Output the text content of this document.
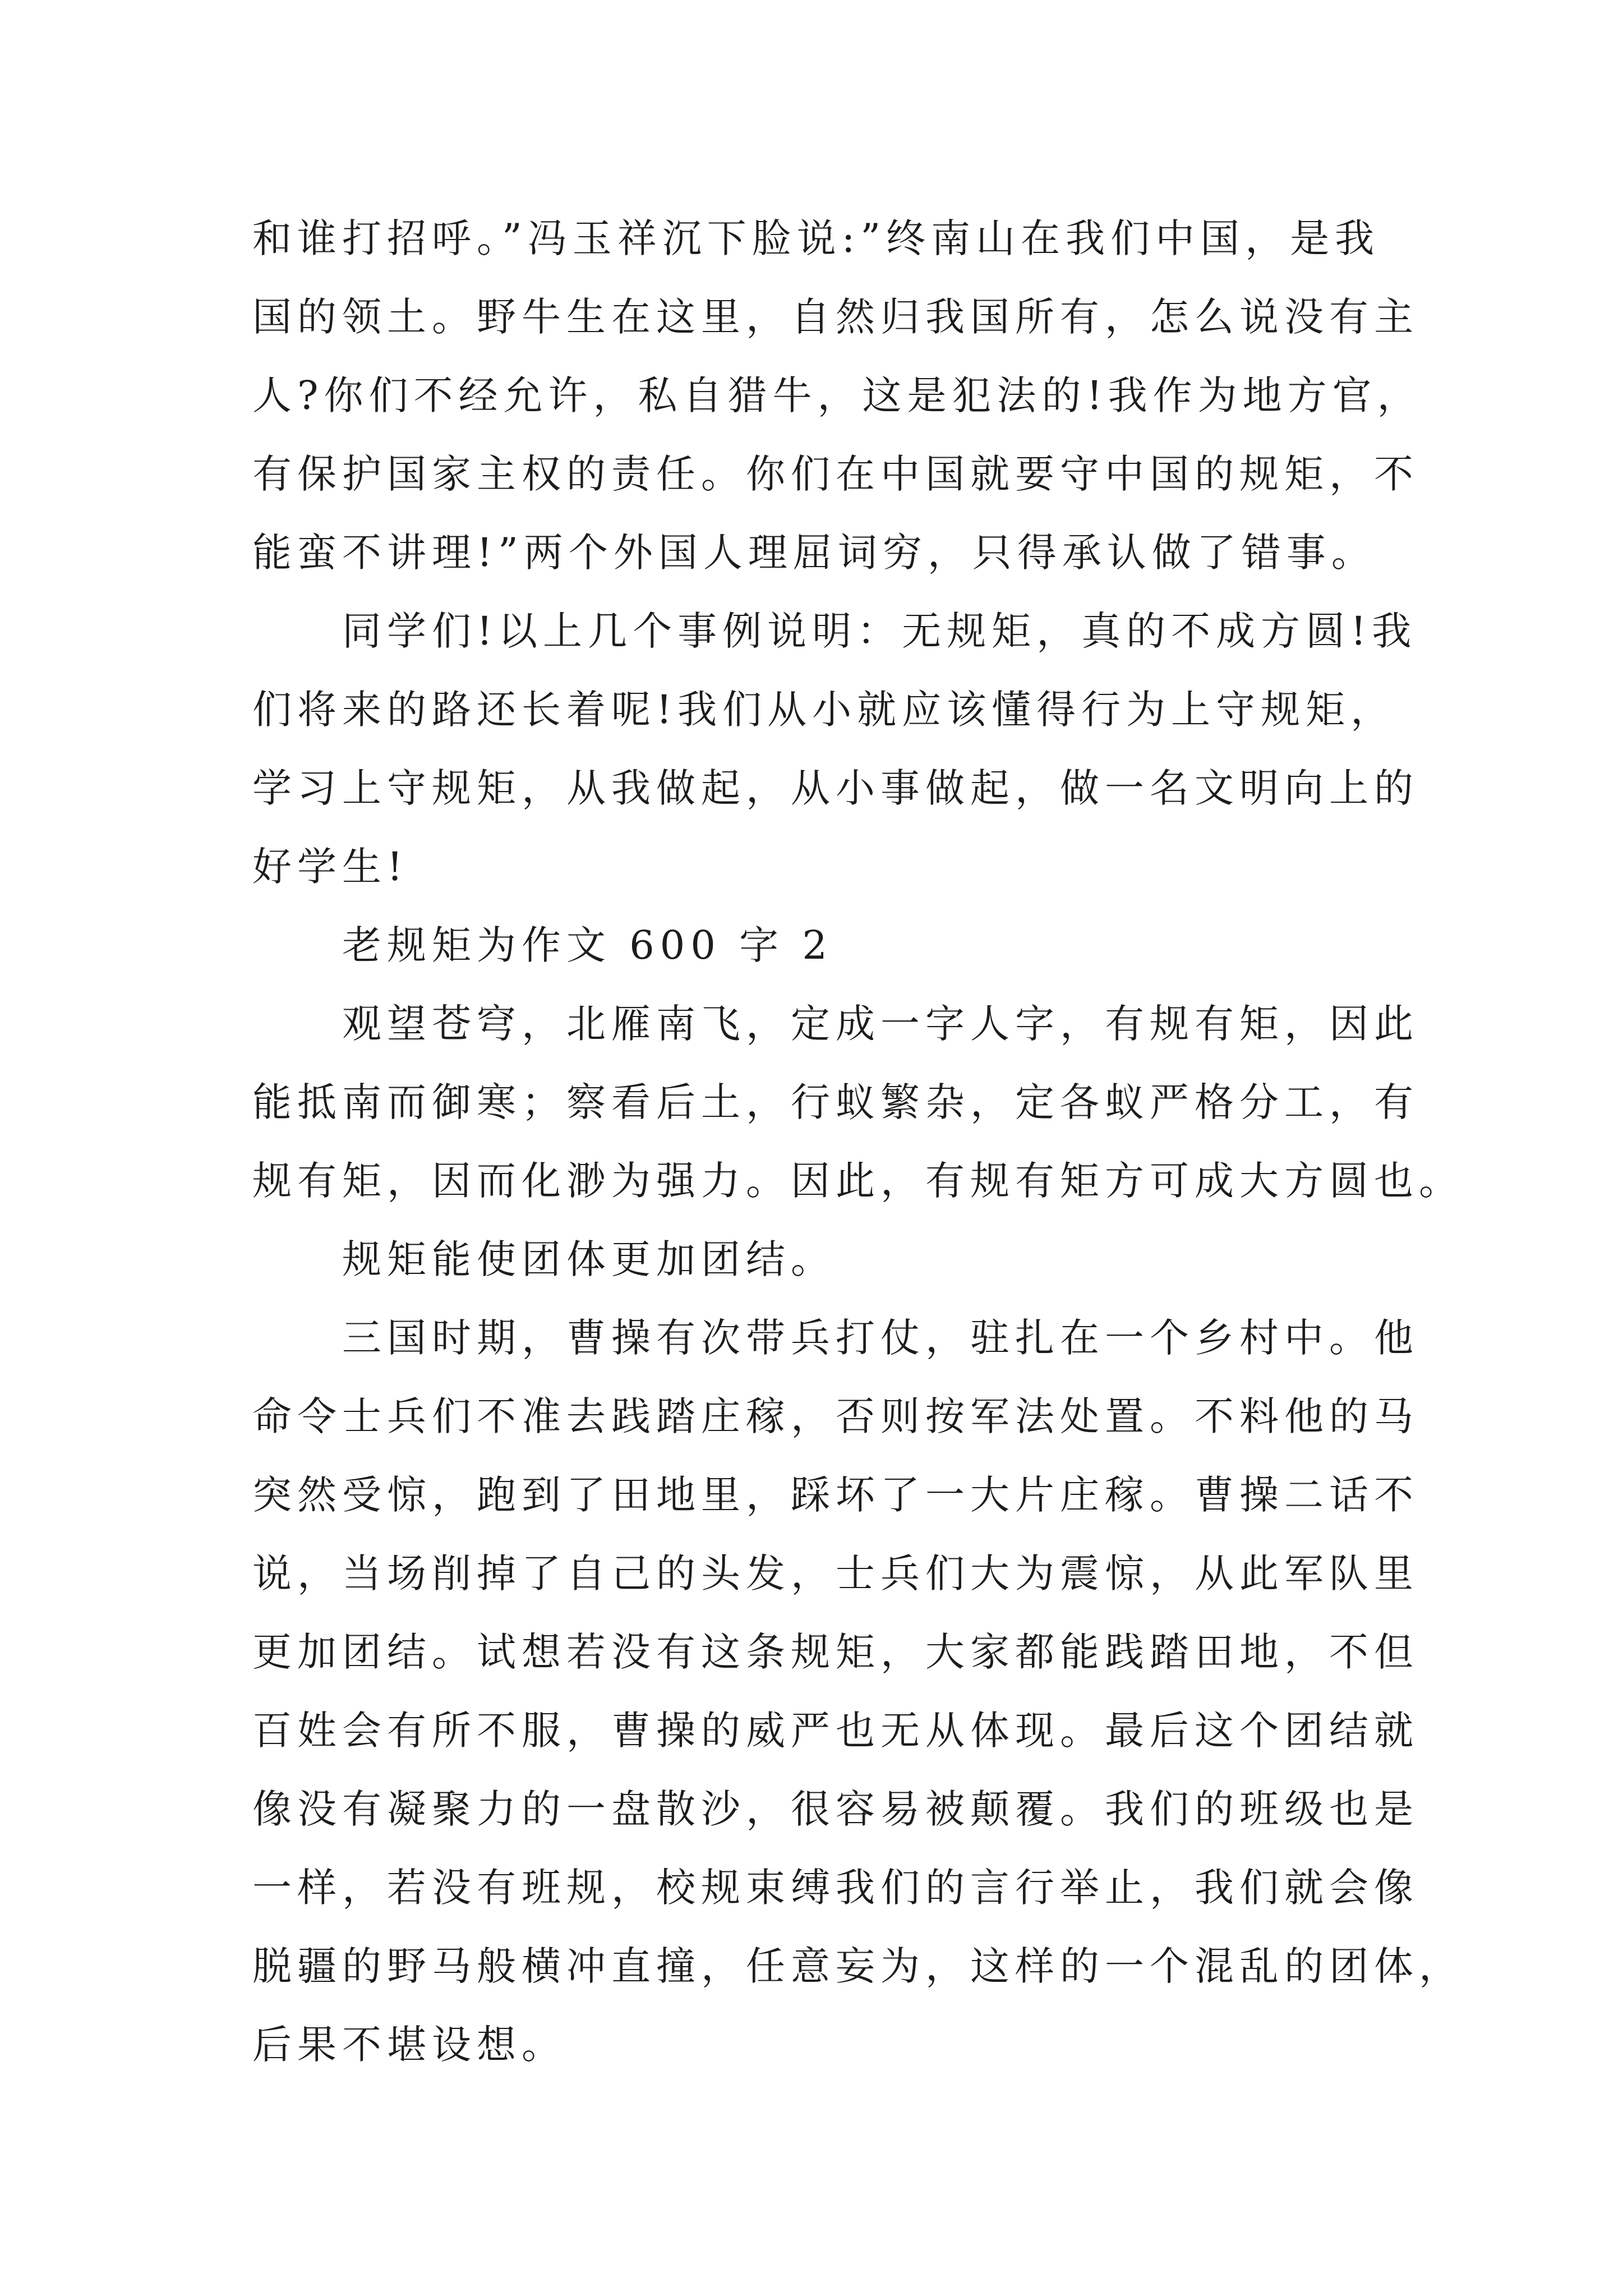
和谁打招呼。”冯玉祥沉下脸说:”终南山在我们中国，是我
国的领土。野牛生在这里，自然归我国所有，怎么说没有主
人?你们不经允许，私自猎牛，这是犯法的!我作为地方官，
有保护国家主权的责任。你们在中国就要守中国的规矩，不
能蛮不讲理!”两个外国人理屈词穷，只得承认做了错事。
同学们!以上几个事例说明：无规矩，真的不成方圆!我
们将来的路还长着呢!我们从小就应该懂得行为上守规矩，
学习上守规矩，从我做起，从小事做起，做一名文明向上的
好学生!
老规矩为作文 600 字 2
观望苍穹，北雁南飞，定成一字人字，有规有矩，因此
能抵南而御寒；察看后土，行蚁繁杂，定各蚁严格分工，有
规有矩，因而化渺为强力。因此，有规有矩方可成大方圆也。
规矩能使团体更加团结。
三国时期，曹操有次带兵打仗，驻扎在一个乡村中。他
命令士兵们不准去践踏庄稼，否则按军法处置。不料他的马
突然受惊，跑到了田地里，踩坏了一大片庄稼。曹操二话不
说，当场削掉了自己的头发，士兵们大为震惊，从此军队里
更加团结。试想若没有这条规矩，大家都能践踏田地，不但
百姓会有所不服，曹操的威严也无从体现。最后这个团结就
像没有凝聚力的一盘散沙，很容易被颠覆。我们的班级也是
一样，若没有班规，校规束缚我们的言行举止，我们就会像
脱疆的野马般横冲直撞，任意妄为，这样的一个混乱的团体，
后果不堪设想。
